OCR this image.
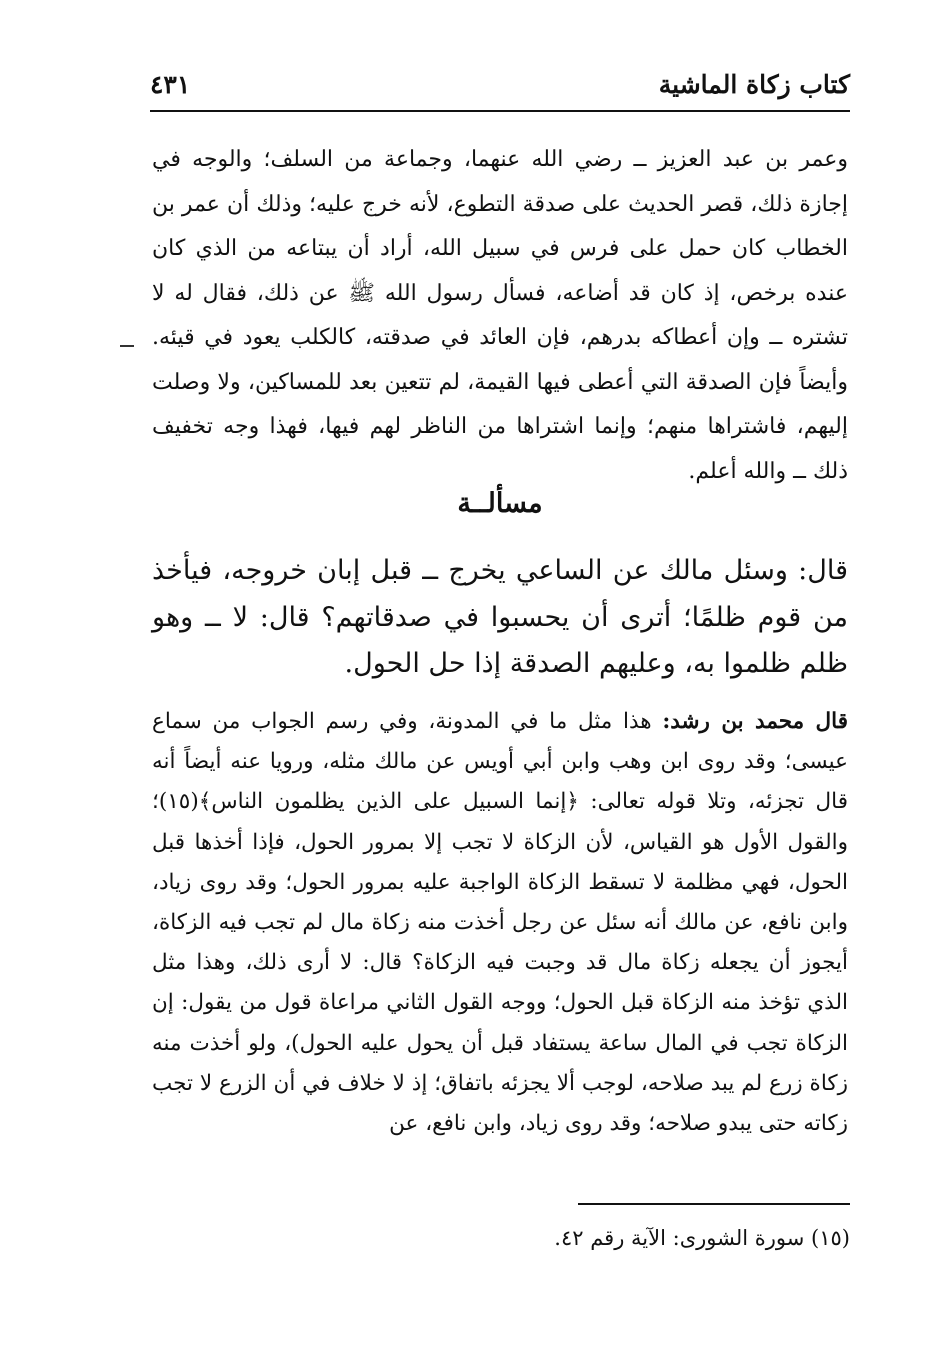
كتاب زكاة الماشية
٤٣١

وعمر بن عبد العزيز ــ رضي الله عنهما، وجماعة من السلف؛ والوجه في إجازة ذلك، قصر الحديث على صدقة التطوع، لأنه خرج عليه؛ وذلك أن عمر بن الخطاب كان حمل على فرس في سبيل الله، أراد أن يبتاعه من الذي كان عنده برخص، إذ كان قد أضاعه، فسأل رسول الله ﷺ عن ذلك، فقال له لا تشتره ــ وإن أعطاكه بدرهم، فإن العائد في صدقته، كالكلب يعود في قيئه. وأيضاً فإن الصدقة التي أعطى فيها القيمة، لم تتعين بعد للمساكين، ولا وصلت إليهم، فاشتراها منهم؛ وإنما اشتراها من الناظر لهم فيها، فهذا وجه تخفيف ذلك ــ والله أعلم.

مسألــة

قال: وسئل مالك عن الساعي يخرج ــ قبل إبان خروجه، فيأخذ من قوم ظلمًا؛ أترى أن يحسبوا في صدقاتهم؟ قال: لا ــ وهو ظلم ظلموا به، وعليهم الصدقة إذا حل الحول.

قال محمد بن رشد: هذا مثل ما في المدونة، وفي رسم الجواب من سماع عيسى؛ وقد روى ابن وهب وابن أبي أويس عن مالك مثله، ورويا عنه أيضاً أنه قال تجزئه، وتلا قوله تعالى: ﴿إنما السبيل على الذين يظلمون الناس﴾(١٥)؛ والقول الأول هو القياس، لأن الزكاة لا تجب إلا بمرور الحول، فإذا أخذها قبل الحول، فهي مظلمة لا تسقط الزكاة الواجبة عليه بمرور الحول؛ وقد روى زياد، وابن نافع، عن مالك أنه سئل عن رجل أخذت منه زكاة مال لم تجب فيه الزكاة، أيجوز أن يجعله زكاة مال قد وجبت فيه الزكاة؟ قال: لا أرى ذلك، وهذا مثل الذي تؤخذ منه الزكاة قبل الحول؛ ووجه القول الثاني مراعاة قول من يقول: إن الزكاة تجب في المال ساعة يستفاد قبل أن يحول عليه الحول)، ولو أخذت منه زكاة زرع لم يبد صلاحه، لوجب ألا يجزئه باتفاق؛ إذ لا خلاف في أن الزرع لا تجب زكاته حتى يبدو صلاحه؛ وقد روى زياد، وابن نافع، عن

(١٥) سورة الشورى: الآية رقم ٤٢.
